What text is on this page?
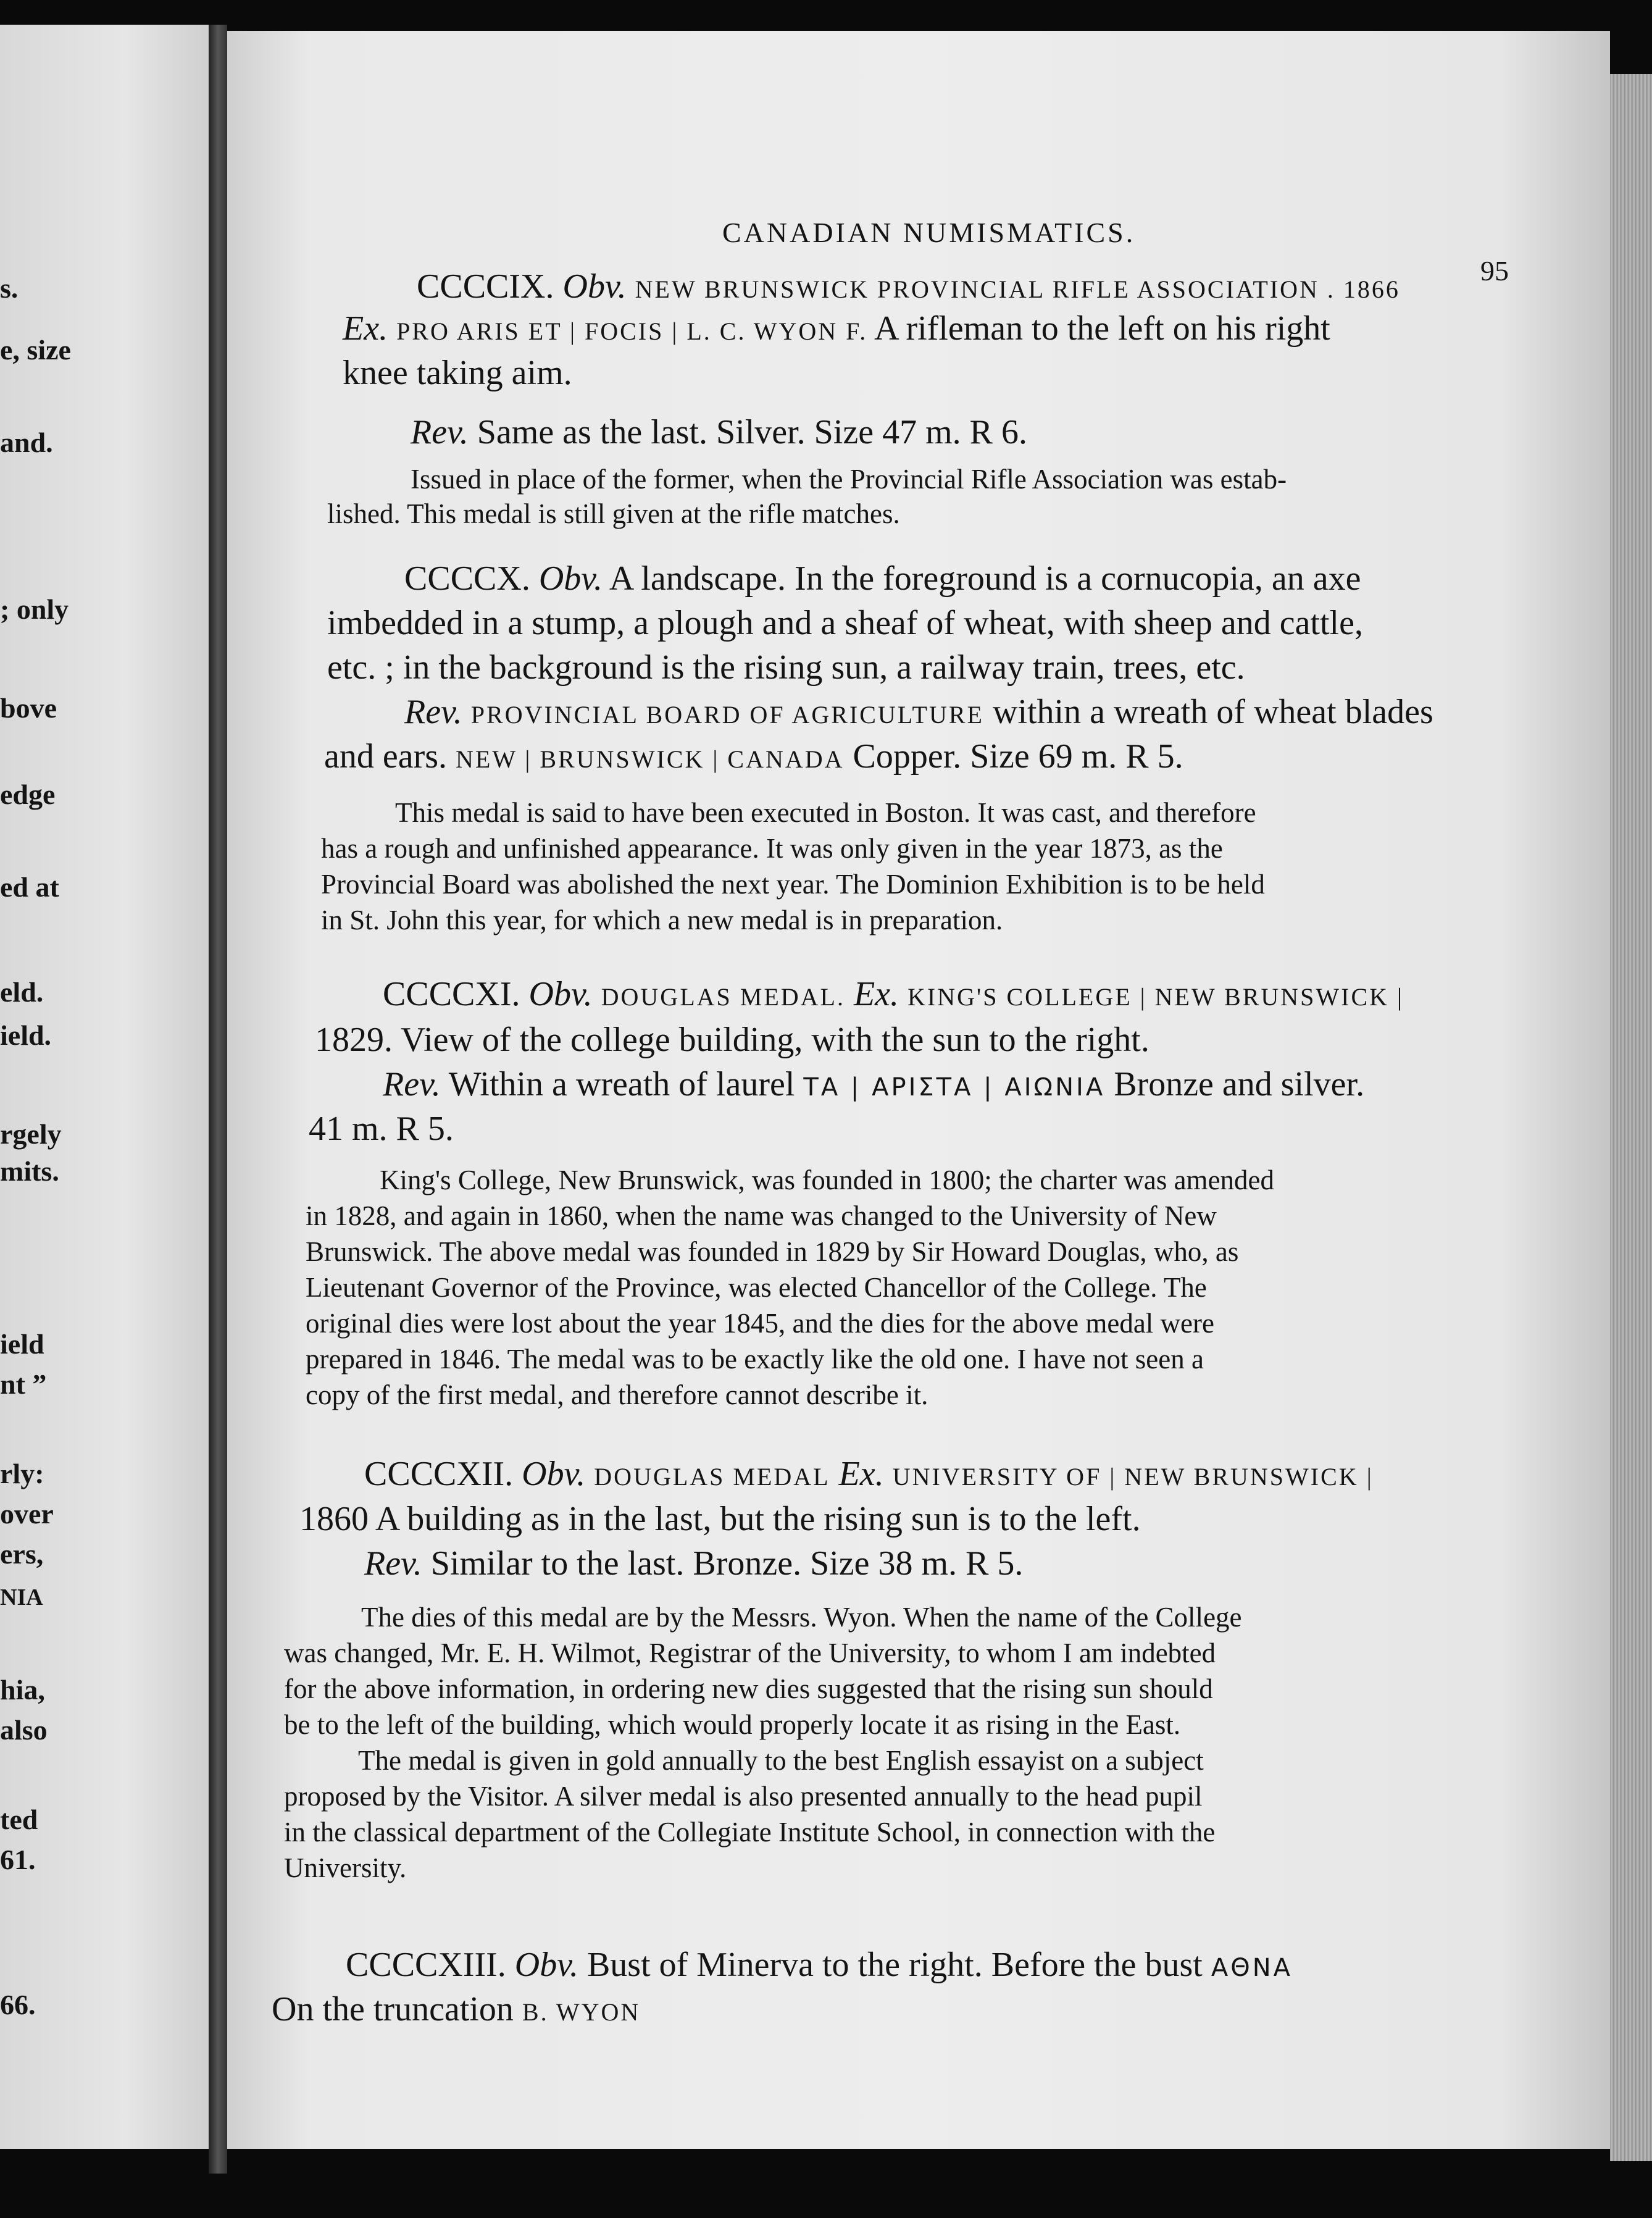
s.
e, size
and.
; only
bove
edge
ed at
eld.
ield.
rgely
mits.
ield
nt ”
rly:
over
ers,
NIA
hia,
also
ted
61.
66.
CANADIAN NUMISMATICS.
95
CCCCIX. Obv. NEW BRUNSWICK PROVINCIAL RIFLE ASSOCIATION . 1866
Ex. PRO ARIS ET | FOCIS | L. C. WYON F. A rifleman to the left on his right
knee taking aim.
Rev. Same as the last. Silver. Size 47 m. R 6.
Issued in place of the former, when the Provincial Rifle Association was estab-
lished. This medal is still given at the rifle matches.
CCCCX. Obv. A landscape. In the foreground is a cornucopia, an axe
imbedded in a stump, a plough and a sheaf of wheat, with sheep and cattle,
etc. ; in the background is the rising sun, a railway train, trees, etc.
Rev. PROVINCIAL BOARD OF AGRICULTURE within a wreath of wheat blades
and ears. NEW | BRUNSWICK | CANADA Copper. Size 69 m. R 5.
This medal is said to have been executed in Boston. It was cast, and therefore
has a rough and unfinished appearance. It was only given in the year 1873, as the
Provincial Board was abolished the next year. The Dominion Exhibition is to be held
in St. John this year, for which a new medal is in preparation.
CCCCXI. Obv. DOUGLAS MEDAL. Ex. KING'S COLLEGE | NEW BRUNSWICK |
1829. View of the college building, with the sun to the right.
Rev. Within a wreath of laurel ΤΑ | ΑΡΙΣΤΑ | ΑΙΩΝΙΑ Bronze and silver.
41 m. R 5.
King's College, New Brunswick, was founded in 1800; the charter was amended
in 1828, and again in 1860, when the name was changed to the University of New
Brunswick. The above medal was founded in 1829 by Sir Howard Douglas, who, as
Lieutenant Governor of the Province, was elected Chancellor of the College. The
original dies were lost about the year 1845, and the dies for the above medal were
prepared in 1846. The medal was to be exactly like the old one. I have not seen a
copy of the first medal, and therefore cannot describe it.
CCCCXII. Obv. DOUGLAS MEDAL Ex. UNIVERSITY OF | NEW BRUNSWICK |
1860 A building as in the last, but the rising sun is to the left.
Rev. Similar to the last. Bronze. Size 38 m. R 5.
The dies of this medal are by the Messrs. Wyon. When the name of the College
was changed, Mr. E. H. Wilmot, Registrar of the University, to whom I am indebted
for the above information, in ordering new dies suggested that the rising sun should
be to the left of the building, which would properly locate it as rising in the East.
The medal is given in gold annually to the best English essayist on a subject
proposed by the Visitor. A silver medal is also presented annually to the head pupil
in the classical department of the Collegiate Institute School, in connection with the
University.
CCCCXIII. Obv. Bust of Minerva to the right. Before the bust ΑΘΝΑ
On the truncation B. WYON
